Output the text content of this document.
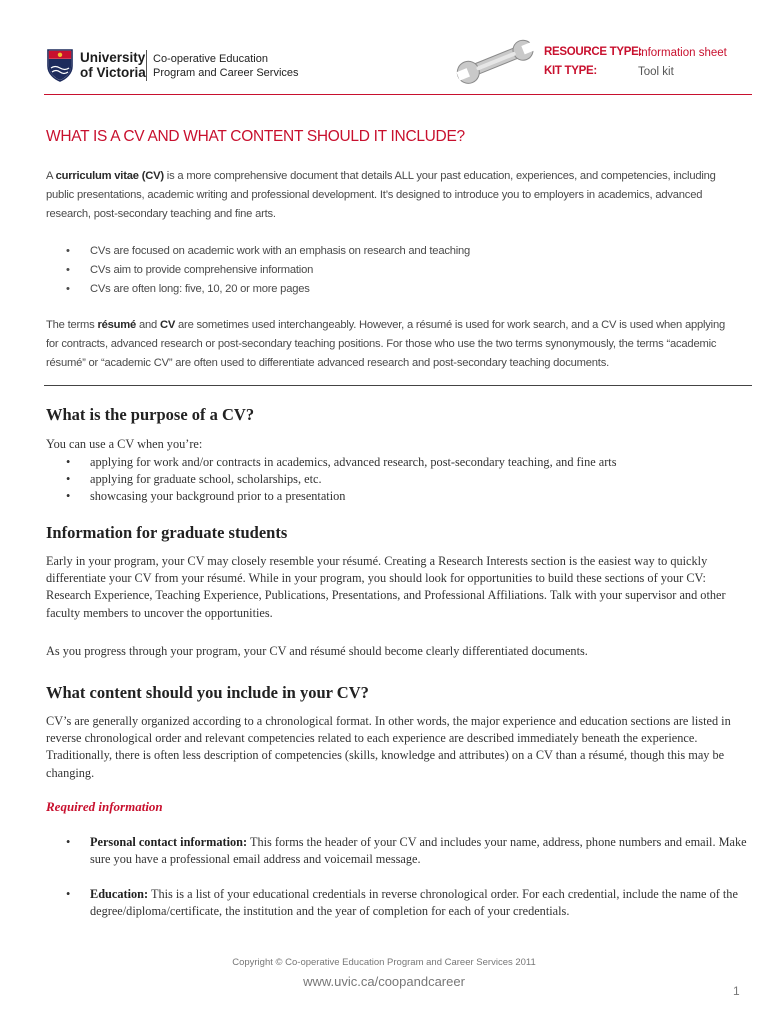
University
of Victoria
Co-operative Education
Program and Career Services
RESOURCE TYPE:
Information sheet
KIT TYPE:	Tool kit
WHAT IS A CV AND WHAT CONTENT SHOULD IT INCLUDE?
A curriculum vitae (CV) is a more comprehensive document that details ALL your past education, experiences, and competencies, including public presentations, academic writing and professional development. It’s designed to introduce you to employers in academics, advanced research, post-secondary teaching and fine arts.
• CVs are focused on academic work with an emphasis on research and teaching
• CVs aim to provide comprehensive information
• CVs are often long: five, 10, 20 or more pages
The terms résumé and CV are sometimes used interchangeably. However, a résumé is used for work search, and a CV is used when applying for contracts, advanced research or post-secondary teaching positions. For those who use the two terms synonymously, the terms “academic résumé” or “academic CV” are often used to differentiate advanced research and post-secondary teaching documents.
What is the purpose of a CV?
You can use a CV when you’re:
• applying for work and/or contracts in academics, advanced research, post-secondary teaching, and fine arts
• applying for graduate school, scholarships, etc.
• showcasing your background prior to a presentation
Information for graduate students
Early in your program, your CV may closely resemble your résumé. Creating a Research Interests section is the easiest way to quickly differentiate your CV from your résumé. While in your program, you should look for opportunities to build these sections of your CV: Research Experience, Teaching Experience, Publications, Presentations, and Professional Affiliations. Talk with your supervisor and other faculty members to uncover the opportunities.
As you progress through your program, your CV and résumé should become clearly differentiated documents.
What content should you include in your CV?
CV’s are generally organized according to a chronological format. In other words, the major experience and education sections are listed in reverse chronological order and relevant competencies related to each experience are described immediately beneath the experience. Traditionally, there is often less description of competencies (skills, knowledge and attributes) on a CV than a résumé, though this may be changing.
Required information
• Personal contact information: This forms the header of your CV and includes your name, address, phone numbers and email. Make sure you have a professional email address and voicemail message.
• Education: This is a list of your educational credentials in reverse chronological order. For each credential, include the name of the degree/diploma/certificate, the institution and the year of completion for each of your credentials.
Copyright © Co-operative Education Program and Career Services 2011
www.uvic.ca/coopandcareer
1
